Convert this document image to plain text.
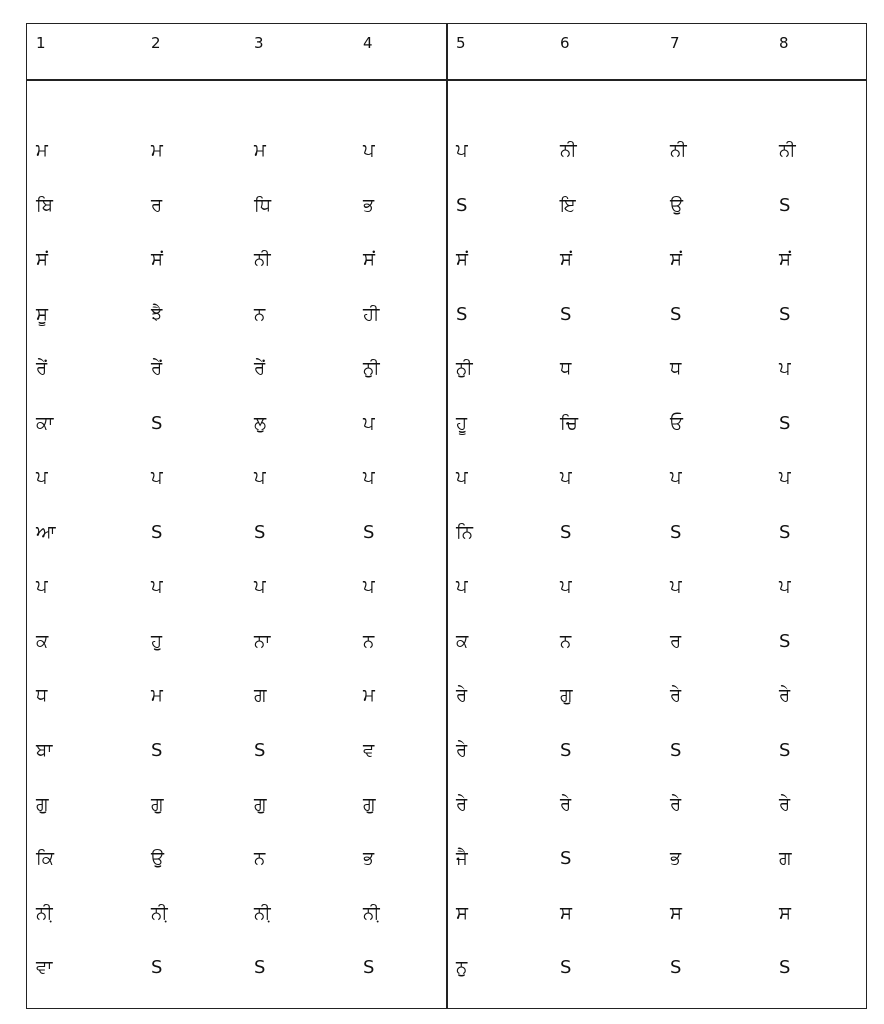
1	2	3	4	5	6	7	8
ਮ	ਮ	ਮ	ਪ	ਪ	ਨੀ	ਨੀ	ਨੀ
ਬਿ	ਰ	ਧਿ	ਭ	S	ਇ	ਉ	S
ਸਂ	ਸਂ	ਨੀ	ਸਂ	ਸਂ	ਸਂ	ਸਂ	ਸਂ
ਸੂ	ਝੈ	ਨ	ਹੀ	S	S	S	S
ਰੇਂ	ਰੇਂ	ਰੇਂ	ਨੁੀ	ਨੁੀ	ਧ	ਧ	ਪ
ਕਾ	S	ਲੁ	ਪ	ਹੂ	ਚਿ	ਓ	S
ਪ	ਪ	ਪ	ਪ	ਪ	ਪ	ਪ	ਪ
ਆ	S	S	S	ਨਿ	S	S	S
ਪ	ਪ	ਪ	ਪ	ਪ	ਪ	ਪ	ਪ
ਕ	ਹੁ	ਨਾ	ਨ	ਕ	ਨ	ਰ	S
ਧ	ਮ	ਗ	ਮ	ਰੇ	ਗੁ	ਰੇ	ਰੇ
ਬਾ	S	S	ਵ	ਰੇ	S	S	S
ਗੁ	ਗੁ	ਗੁ	ਗੁ	ਰੇ	ਰੇ	ਰੇ	ਰੇ
ਕਿ	ਉ	ਨ	ਭ	ਜੈ	S	ਭ	ਗ
ਨੀ਼	ਨੀ਼	ਨੀ਼	ਨੀ਼	ਸ	ਸ	ਸ	ਸ
ਵਾ	S	S	S	ਨੁ	S	S	S
